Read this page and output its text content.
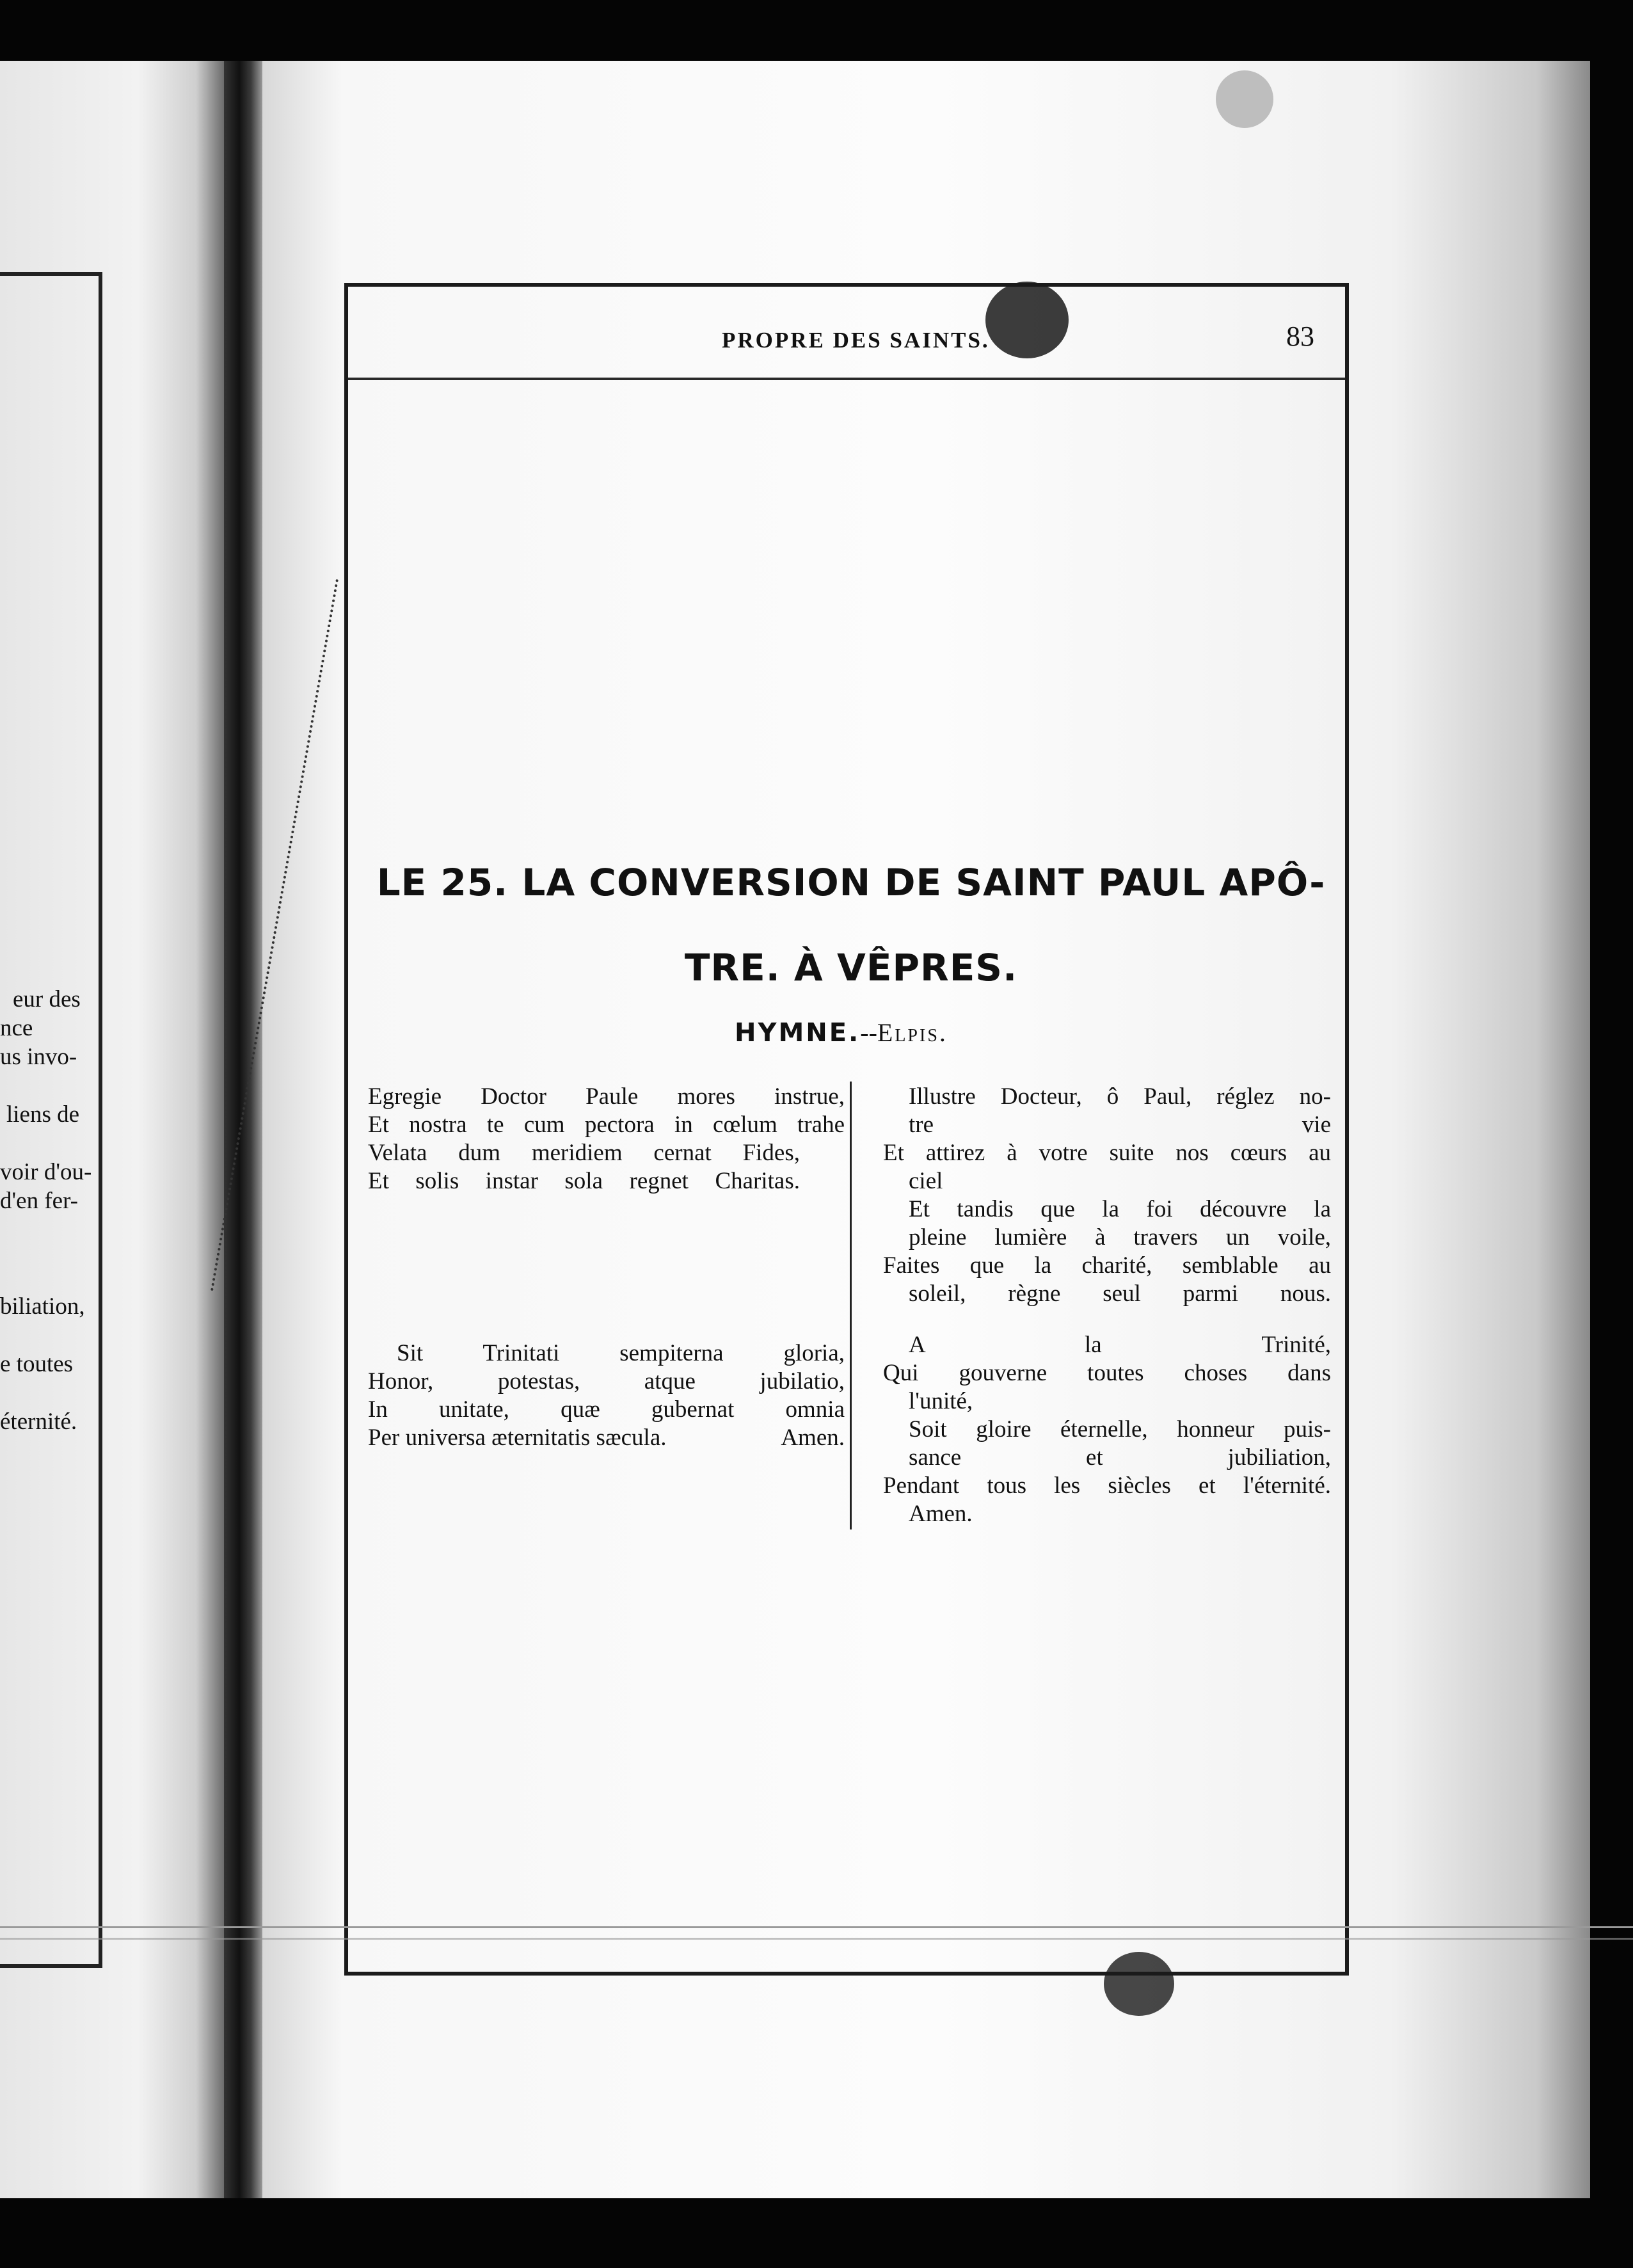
eur des
nce
us invo-
liens de
voir d'ou-
d'en fer-
biliation,
e toutes
éternité.
PROPRE DES SAINTS.	83
LE 25. LA CONVERSION DE SAINT PAUL APÔ-
TRE. À VÊPRES.
HYMNE.--Elpis.
Egregie Doctor Paule mores instrue,
Et nostra te cum pectora in cœlum trahe
Velata dum meridiem cernat Fides,
Et solis instar sola regnet Charitas.
Sit Trinitati sempiterna gloria,
Honor, potestas, atque jubilatio,
In unitate, quæ gubernat omnia
Per universa æternitatis sæcula.	Amen.
Illustre Docteur, ô Paul, réglez no-
tre vie
Et attirez à votre suite nos cœurs au
ciel
Et tandis que la foi découvre la
pleine lumière à travers un voile,
Faites que la charité, semblable au
soleil, règne seul parmi nous.
A la Trinité,
Qui gouverne toutes choses dans
l'unité,
Soit gloire éternelle, honneur puis-
sance et jubiliation,
Pendant tous les siècles et l'éternité.
Amen.
